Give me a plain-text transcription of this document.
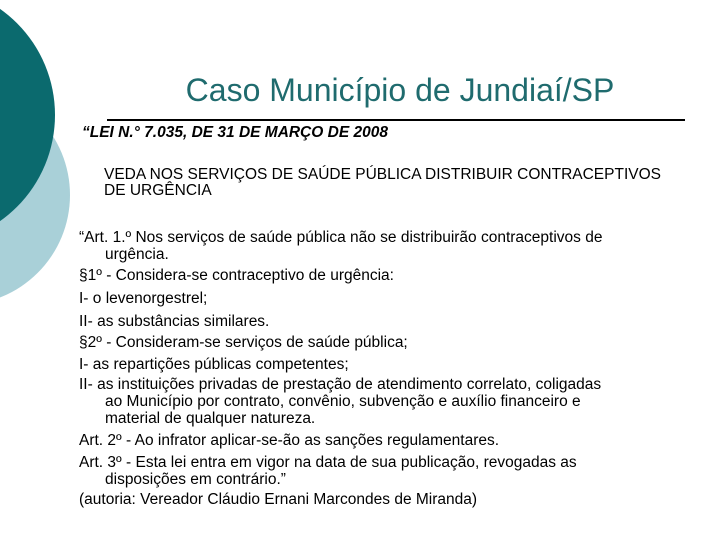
Caso Município de Jundiaí/SP
“LEI N.° 7.035, DE 31 DE MARÇO DE 2008
VEDA NOS SERVIÇOS DE SAÚDE PÚBLICA DISTRIBUIR CONTRACEPTIVOS DE URGÊNCIA
“Art. 1.º Nos serviços de saúde pública não se distribuirão contraceptivos de
urgência.
§1º - Considera-se contraceptivo de urgência:
I- o levenorgestrel;
II- as substâncias similares.
§2º - Consideram-se serviços de saúde pública;
I- as repartições públicas competentes;
II- as instituições privadas de prestação de atendimento correlato, coligadas
ao Município por contrato, convênio, subvenção e auxílio financeiro e
material de qualquer natureza.
Art. 2º - Ao infrator aplicar-se-ão as sanções regulamentares.
Art. 3º - Esta lei entra em vigor na data de sua publicação, revogadas as
disposições em contrário.”
(autoria: Vereador Cláudio Ernani Marcondes de Miranda)
